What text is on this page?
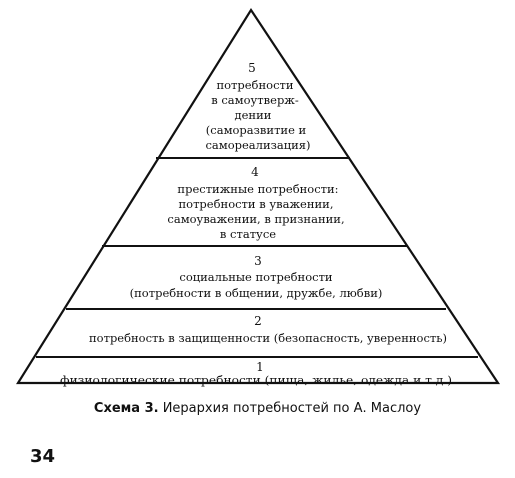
5
потребности
в самоутверж-
дении
(саморазвитие и
самореализация)
4
престижные потребности:
потребности в уважении,
самоуважении, в признании,
в статусе
3
социальные потребности
(потребности в общении, дружбе, любви)
2
потребность в защищенности (безопасность, уверенность)
1
физиологические потребности (пища, жилье, одежда и т.д.)
Схема 3. Иерархия потребностей по А. Маслоу
34
